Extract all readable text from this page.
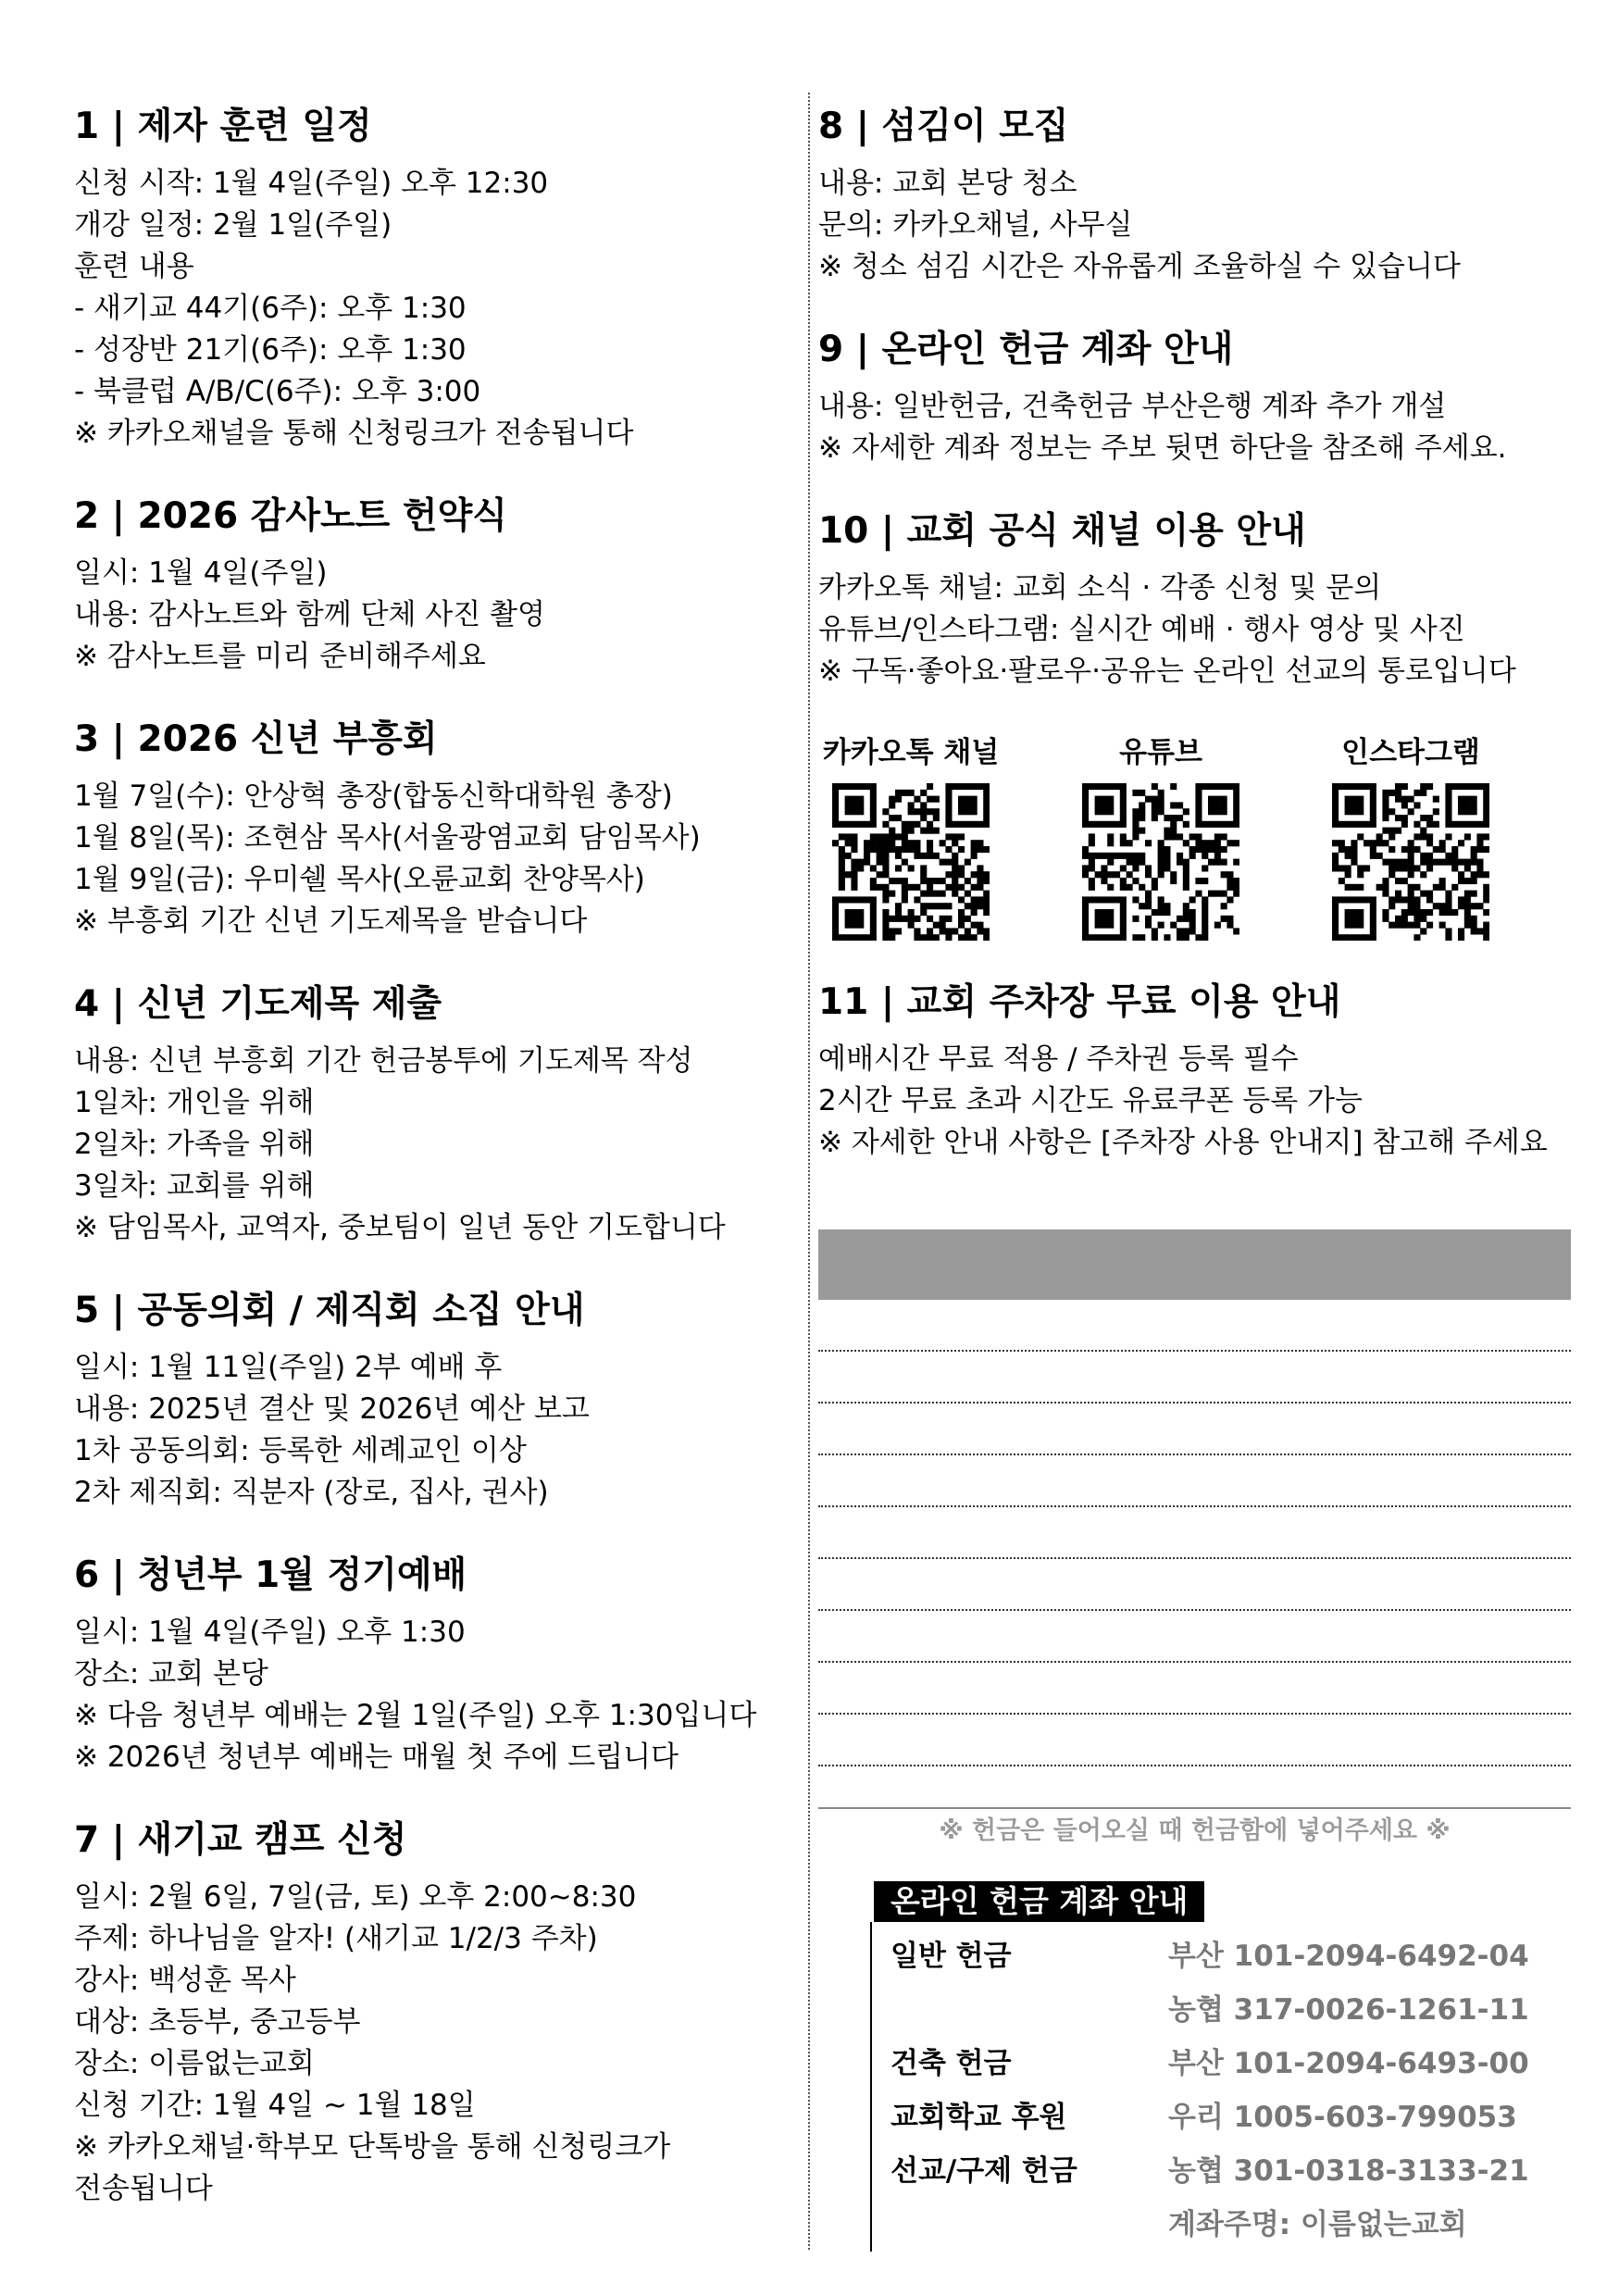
1 | 제자 훈련 일정
신청 시작: 1월 4일(주일) 오후 12:30
개강 일정: 2월 1일(주일)
훈련 내용
- 새기교 44기(6주): 오후 1:30
- 성장반 21기(6주): 오후 1:30
- 북클럽 A/B/C(6주): 오후 3:00
※ 카카오채널을 통해 신청링크가 전송됩니다
2 | 2026 감사노트 헌약식
일시: 1월 4일(주일)
내용: 감사노트와 함께 단체 사진 촬영
※ 감사노트를 미리 준비해주세요
3 | 2026 신년 부흥회
1월 7일(수): 안상혁 총장(합동신학대학원 총장)
1월 8일(목): 조현삼 목사(서울광염교회 담임목사)
1월 9일(금): 우미쉘 목사(오륜교회 찬양목사)
※ 부흥회 기간 신년 기도제목을 받습니다
4 | 신년 기도제목 제출
내용: 신년 부흥회 기간 헌금봉투에 기도제목 작성
1일차: 개인을 위해
2일차: 가족을 위해
3일차: 교회를 위해
※ 담임목사, 교역자, 중보팀이 일년 동안 기도합니다
5 | 공동의회 / 제직회 소집 안내
일시: 1월 11일(주일) 2부 예배 후
내용: 2025년 결산 및 2026년 예산 보고
1차 공동의회: 등록한 세례교인 이상
2차 제직회: 직분자 (장로, 집사, 권사)
6 | 청년부 1월 정기예배
일시: 1월 4일(주일) 오후 1:30
장소: 교회 본당
※ 다음 청년부 예배는 2월 1일(주일) 오후 1:30입니다
※ 2026년 청년부 예배는 매월 첫 주에 드립니다
7 | 새기교 캠프 신청
일시: 2월 6일, 7일(금, 토) 오후 2:00~8:30
주제: 하나님을 알자! (새기교 1/2/3 주차)
강사: 백성훈 목사
대상: 초등부, 중고등부
장소: 이름없는교회
신청 기간: 1월 4일 ~ 1월 18일
※ 카카오채널·학부모 단톡방을 통해 신청링크가
전송됩니다
8 | 섬김이 모집
내용: 교회 본당 청소
문의: 카카오채널, 사무실
※ 청소 섬김 시간은 자유롭게 조율하실 수 있습니다
9 | 온라인 헌금 계좌 안내
내용: 일반헌금, 건축헌금 부산은행 계좌 추가 개설
※ 자세한 계좌 정보는 주보 뒷면 하단을 참조해 주세요.
10 | 교회 공식 채널 이용 안내
카카오톡 채널: 교회 소식 · 각종 신청 및 문의
유튜브/인스타그램: 실시간 예배 · 행사 영상 및 사진
※ 구독·좋아요·팔로우·공유는 온라인 선교의 통로입니다
카카오톡 채널	유튜브	인스타그램
11 | 교회 주차장 무료 이용 안내
예배시간 무료 적용 / 주차권 등록 필수
2시간 무료 초과 시간도 유료쿠폰 등록 가능
※ 자세한 안내 사항은 [주차장 사용 안내지] 참고해 주세요
※ 헌금은 들어오실 때 헌금함에 넣어주세요 ※
온라인 헌금 계좌 안내
일반 헌금	부산 101-2094-6492-04
농협 317-0026-1261-11
건축 헌금	부산 101-2094-6493-00
교회학교 후원	우리 1005-603-799053
선교/구제 헌금	농협 301-0318-3133-21
계좌주명: 이름없는교회
